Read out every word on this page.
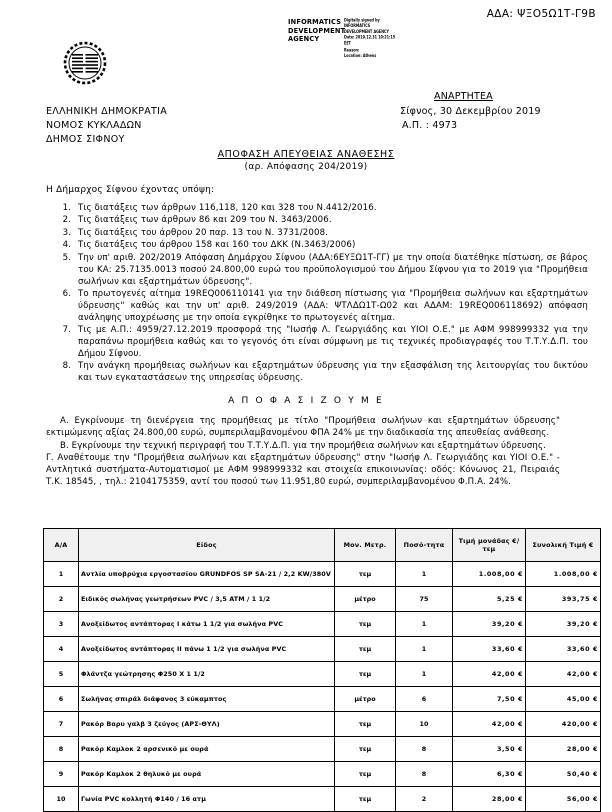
ΑΔΑ: ΨΞΟ5Ω1Τ-Γ9Β
INFORMATICS DEVELOPMENT AGENCY
Digitally signed by
INFORMATICS
DEVELOPMENT AGENCY
Date: 2019.12.31 10:21:15
EET
Reason:
Location: Athens
ΕΛΛΗΝΙΚΗ ΔΗΜΟΚΡΑΤΙΑ
ΝΟΜΟΣ ΚΥΚΛΑΔΩΝ
ΔΗΜΟΣ ΣΙΦΝΟΥ
ΑΝΑΡΤΗΤΕΑ
Σίφνος, 30 Δεκεμβρίου 2019
Α.Π. : 4973
ΑΠΟΦΑΣΗ ΑΠΕΥΘΕΙΑΣ ΑΝΑΘΕΣΗΣ
(αρ. Απόφασης 204/2019)
Η Δήμαρχος Σίφνου έχοντας υπόψη:
1. Τις διατάξεις των άρθρων 116,118, 120 και 328 του Ν.4412/2016.
2. Τις διατάξεις των άρθρων 86 και 209 του Ν. 3463/2006.
3. Τις διατάξεις του άρθρου 20 παρ. 13 του Ν. 3731/2008.
4. Τις διατάξεις του άρθρου 158 και 160 του ΔΚΚ (Ν.3463/2006)
5. Την υπ' αριθ. 202/2019 Απόφαση Δημάρχου Σίφνου (ΑΔΑ:6ΕΥΞΩ1Τ-ΓΓ) με την οποία διατέθηκε πίστωση, σε βάρος του ΚΑ: 25.7135.0013 ποσού 24.800,00 ευρώ του προϋπολογισμού του Δήμου Σίφνου για το 2019 για "Προμήθεια σωλήνων και εξαρτημάτων ύδρευσης".
6. Το πρωτογενές αίτημα 19REQ006110141 για την διάθεση πίστωσης για "Προμήθεια σωλήνων και εξαρτημάτων ύδρευσης" καθώς και την υπ' αριθ. 249/2019 (ΑΔΑ: ΨΤΛΔΩ1Τ-Ω02 και ΑΔΑΜ: 19REQ006118692) απόφαση ανάληψης υποχρέωσης με την οποία εγκρίθηκε το πρωτογενές αίτημα.
7. Τις με Α.Π.: 4959/27.12.2019 προσφορά της "Ιωσήφ Λ. Γεωργιάδης και ΥΙΟΙ Ο.Ε." με ΑΦΜ 998999332 για την παραπάνω προμήθεια καθώς και το γεγονός ότι είναι σύμφωνη με τις τεχνικές προδιαγραφές του Τ.Τ.Υ.Δ.Π. του Δήμου Σίφνου.
8. Την ανάγκη προμήθειας σωλήνων και εξαρτημάτων ύδρευσης για την εξασφάλιση της λειτουργίας του δικτύου και των εγκαταστάσεων της υπηρεσίας ύδρευσης.
Α Π Ο Φ Α Σ Ι Ζ Ο Υ Μ Ε

Α. Εγκρίνουμε τη διενέργεια της προμήθειας με τίτλο "Προμήθεια σωλήνων και εξαρτημάτων ύδρευσης" εκτιμώμενης αξίας 24.800,00 ευρώ, συμπεριλαμβανομένου ΦΠΑ 24% με την διαδικασία της απευθείας ανάθεσης.

Β. Εγκρίνουμε την τεχνική περιγραφή του Τ.Τ.Υ.Δ.Π. για την προμήθεια σωλήνων και εξαρτημάτων ύδρευσης.

Γ. Αναθέτουμε την "Προμήθεια σωλήνων και εξαρτημάτων ύδρευσης" στην "Ιωσήφ Λ. Γεωργιάδης και ΥΙΟΙ Ο.Ε." - Αντλητικά συστήματα-Αυτοματισμοί με ΑΦΜ 998999332 και στοιχεία επικοινωνίας: οδός: Κόνωνος 21, Πειραιάς Τ.Κ. 18545, , τηλ.: 2104175359, αντί του ποσού των 11.951,80 ευρώ, συμπεριλαμβανομένου Φ.Π.Α. 24%.

Α/Α	Είδος	Μον. Μετρ.	Ποσό-τητα	Τιμή μονάδας €/τεμ	Συνολική Τιμή €
1	Αντλία υποβρύχια εργοστασίου GRUNDFOS SP SA-21 / 2,2 KW/380V	τεμ	1	1.008,00 €	1.008,00 €
2	Ειδικός σωλήνας γεωτρήσεων PVC / 3,5 ATM / 1 1/2	μέτρο	75	5,25 €	393,75 €
3	Ανοξείδωτος αντάπτορας Ι κάτω 1 1/2 για σωλήνα PVC	τεμ	1	39,20 €	39,20 €
4	Ανοξείδωτος αντάπτορας ΙΙ πάνω 1 1/2 για σωλήνα PVC	τεμ	1	33,60 €	33,60 €
5	Φλάντζα γεώτρησης Φ250 Χ 1 1/2	τεμ	1	42,00 €	42,00 €
6	Σωλήνας σπιράλ διάφανος 3 εύκαμπτος	μέτρο	6	7,50 €	45,00 €
7	Ρακόρ Βαρυ γαλβ 3 ζεύγος (ΑΡΣ-ΘΥΛ)	τεμ	10	42,00 €	420,00 €
8	Ρακόρ Καμλοκ 2 αρσενικό με ουρά	τεμ	8	3,50 €	28,00 €
9	Ρακόρ Καμλοκ 2 θηλυκό με ουρά	τεμ	8	6,30 €	50,40 €
10	Γωνία PVC κολλητή Φ140 / 16 ατμ	τεμ	2	28,00 €	56,00 €
